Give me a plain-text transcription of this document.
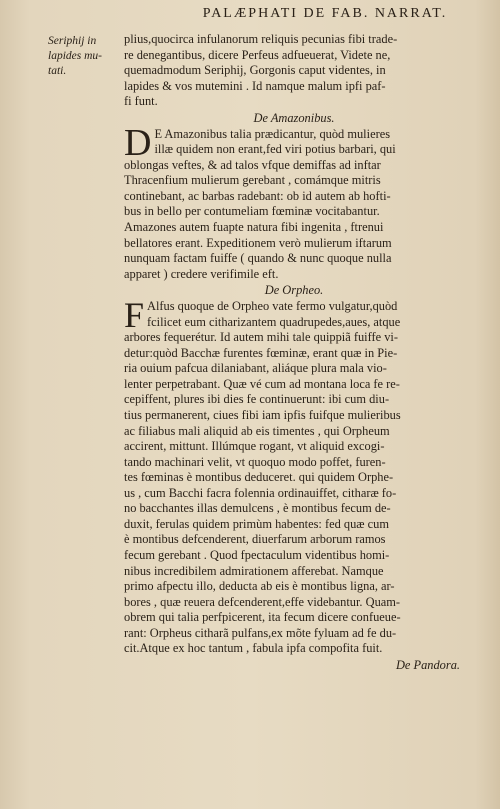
PALÆPHATI DE FAB. NARRAT.
Seriphij in
lapides mu-
tati.
plius,quocirca infulanorum reliquis pecunias fibi trade-
re denegantibus, dicere Perfeus adfueuerat, Videte ne,
quemadmodum Seriphij, Gorgonis caput videntes, in
lapides & vos mutemini . Id namque malum ipfi paf-
fi funt.
De Amazonibus.
D E Amazonibus talia prædicantur, quòd mulieres
illæ quidem non erant,fed viri potius barbari, qui
oblongas veftes, & ad talos vfque demiffas ad inftar
Thracenfium mulierum gerebant , comámque mitris
continebant, ac barbas radebant: ob id autem ab hofti-
bus in bello per contumeliam fœminæ vocitabantur.
Amazones autem fuapte natura fibi ingenita , ftrenui
bellatores erant. Expeditionem verò mulierum iftarum
nunquam factam fuiffe ( quando & nunc quoque nulla
apparet ) credere verifimile eft.
De Orpheo.
F Alfus quoque de Orpheo vate fermo vulgatur,quòd
fcilicet eum citharizantem quadrupedes,aues, atque
arbores fequerétur. Id autem mihi tale quippiã fuiffe vi-
detur:quòd Bacchæ furentes fœminæ, erant quæ in Pie-
ria ouium pafcua dilaniabant, aliáque plura mala vio-
lenter perpetrabant. Quæ vé cum ad montana loca fe re-
cepiffent, plures ibi dies fe continuerunt: ibi cum diu-
tius permanerent, ciues fibi iam ipfis fuifque mulieribus
ac filiabus mali aliquid ab eis timentes , qui Orpheum
accirent, mittunt. Illúmque rogant, vt aliquid excogi-
tando machinari velit, vt quoquo modo poffet, furen-
tes fœminas è montibus deduceret. qui quidem Orphe-
us , cum Bacchi facra folennia ordinauiffet, citharæ fo-
no bacchantes illas demulcens , è montibus fecum de-
duxit, ferulas quidem primùm habentes: fed quæ cum
è montibus defcenderent, diuerfarum arborum ramos
fecum gerebant . Quod fpectaculum videntibus homi-
nibus incredibilem admirationem afferebat. Namque
primo afpectu illo, deducta ab eis è montibus ligna, ar-
bores , quæ reuera defcenderent,effe videbantur. Quam-
obrem qui talia perfpicerent, ita fecum dicere confueue-
rant: Orpheus citharã pulfans,ex mõte fyluam ad fe du-
cit.Atque ex hoc tantum , fabula ipfa compofita fuit.
De Pandora.
